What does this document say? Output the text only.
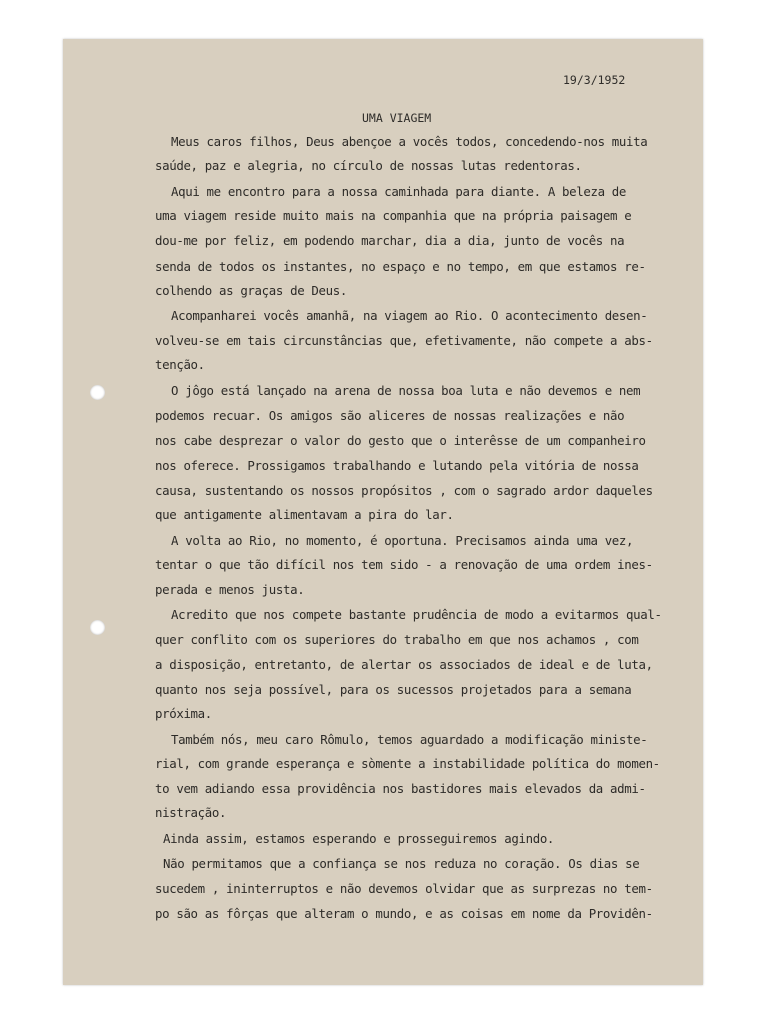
19/3/1952
UMA VIAGEM
Meus caros filhos, Deus abençoe a vocês todos, concedendo-nos muita
saúde, paz e alegria, no círculo de nossas lutas redentoras.
Aqui me encontro para a nossa caminhada para diante. A beleza de
uma viagem reside muito mais na companhia que na própria paisagem e
dou-me por feliz, em podendo marchar, dia a dia, junto de vocês na
senda de todos os instantes, no espaço e no tempo, em que estamos re-
colhendo as graças de Deus.
Acompanharei vocês amanhã, na viagem ao Rio. O acontecimento desen-
volveu-se em tais circunstâncias que, efetivamente, não compete a abs-
tenção.
O jôgo está lançado na arena de nossa boa luta e não devemos e nem
podemos recuar. Os amigos são aliceres de nossas realizações e não
nos cabe desprezar o valor do gesto que o interêsse de um companheiro
nos oferece. Prossigamos trabalhando e lutando pela vitória de nossa
causa, sustentando os nossos propósitos , com o sagrado ardor daqueles
que antigamente alimentavam a pira do lar.
A volta ao Rio, no momento, é oportuna. Precisamos ainda uma vez,
tentar o que tão difícil nos tem sido - a renovação de uma ordem ines-
perada e menos justa.
Acredito que nos compete bastante prudência de modo a evitarmos qual-
quer conflito com os superiores do trabalho em que nos achamos , com
a disposição, entretanto, de alertar os associados de ideal e de luta,
quanto nos seja possível, para os sucessos projetados para a semana
próxima.
Também nós, meu caro Rômulo, temos aguardado a modificação ministe-
rial, com grande esperança e sòmente a instabilidade política do momen-
to vem adiando essa providência nos bastidores mais elevados da admi-
nistração.
Ainda assim, estamos esperando e prosseguiremos agindo.
Não permitamos que a confiança se nos reduza no coração. Os dias se
sucedem , ininterruptos e não devemos olvidar que as surprezas no tem-
po são as fôrças que alteram o mundo, e as coisas em nome da Providên-
